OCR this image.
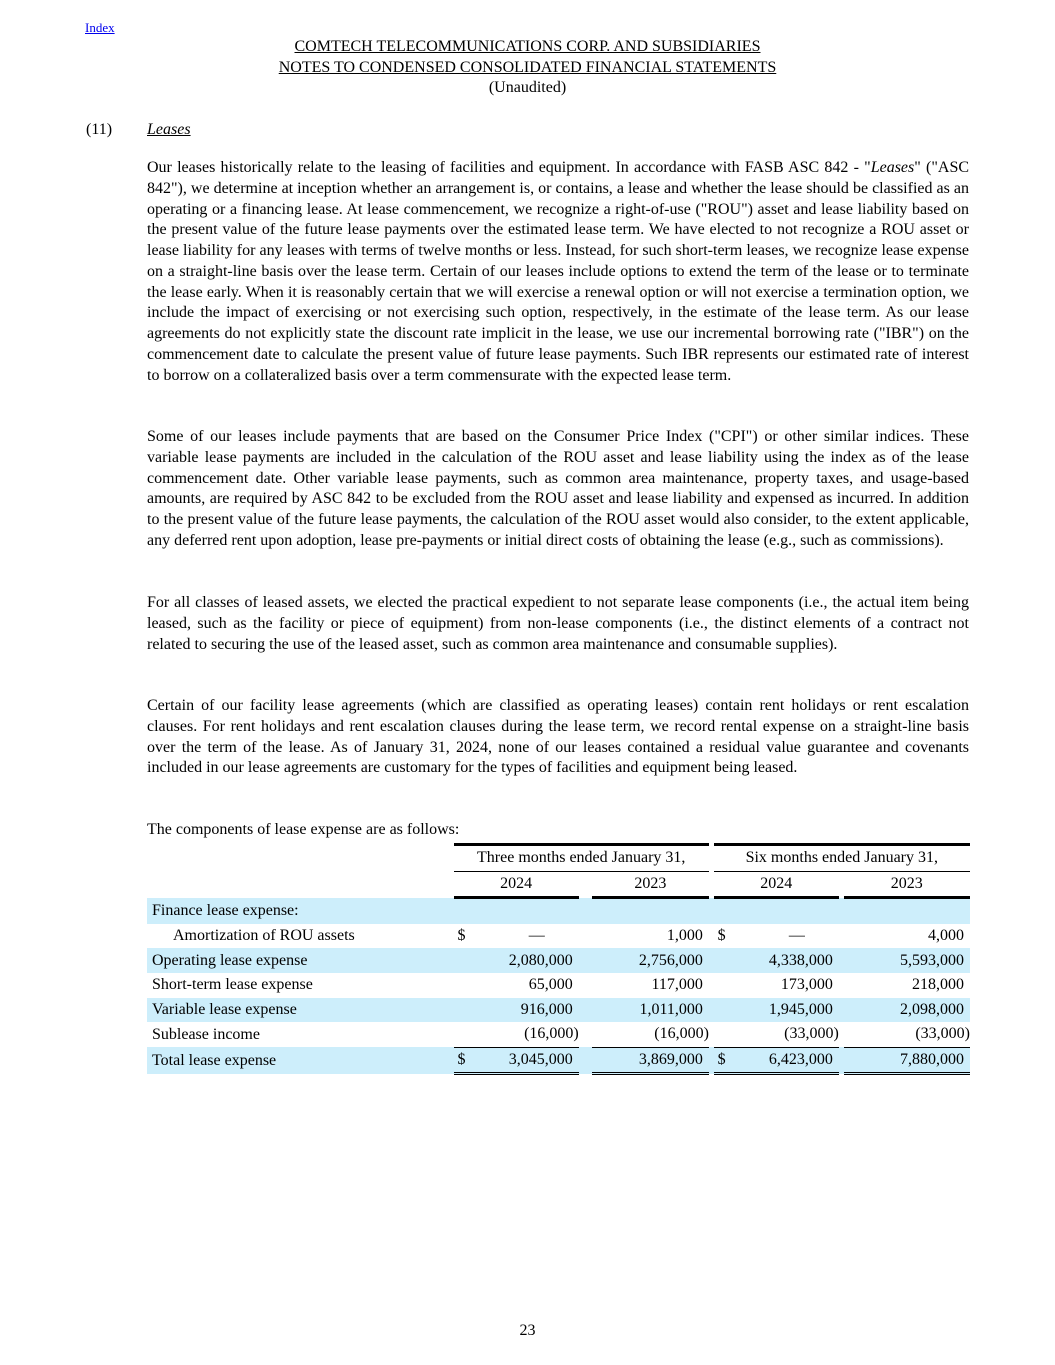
Index
COMTECH TELECOMMUNICATIONS CORP. AND SUBSIDIARIES
NOTES TO CONDENSED CONSOLIDATED FINANCIAL STATEMENTS
(Unaudited)
(11) Leases

Our leases historically relate to the leasing of facilities and equipment. In accordance with FASB ASC 842 - "Leases" ("ASC 842"), we determine at inception whether an arrangement is, or contains, a lease and whether the lease should be classified as an operating or a financing lease. At lease commencement, we recognize a right-of-use ("ROU") asset and lease liability based on the present value of the future lease payments over the estimated lease term. We have elected to not recognize a ROU asset or lease liability for any leases with terms of twelve months or less. Instead, for such short-term leases, we recognize lease expense on a straight-line basis over the lease term. Certain of our leases include options to extend the term of the lease or to terminate the lease early. When it is reasonably certain that we will exercise a renewal option or will not exercise a termination option, we include the impact of exercising or not exercising such option, respectively, in the estimate of the lease term. As our lease agreements do not explicitly state the discount rate implicit in the lease, we use our incremental borrowing rate ("IBR") on the commencement date to calculate the present value of future lease payments. Such IBR represents our estimated rate of interest to borrow on a collateralized basis over a term commensurate with the expected lease term.

Some of our leases include payments that are based on the Consumer Price Index ("CPI") or other similar indices. These variable lease payments are included in the calculation of the ROU asset and lease liability using the index as of the lease commencement date. Other variable lease payments, such as common area maintenance, property taxes, and usage-based amounts, are required by ASC 842 to be excluded from the ROU asset and lease liability and expensed as incurred. In addition to the present value of the future lease payments, the calculation of the ROU asset would also consider, to the extent applicable, any deferred rent upon adoption, lease pre-payments or initial direct costs of obtaining the lease (e.g., such as commissions).

For all classes of leased assets, we elected the practical expedient to not separate lease components (i.e., the actual item being leased, such as the facility or piece of equipment) from non-lease components (i.e., the distinct elements of a contract not related to securing the use of the leased asset, such as common area maintenance and consumable supplies).

Certain of our facility lease agreements (which are classified as operating leases) contain rent holidays or rent escalation clauses. For rent holidays and rent escalation clauses during the lease term, we record rental expense on a straight-line basis over the term of the lease. As of January 31, 2024, none of our leases contained a residual value guarantee and covenants included in our lease agreements are customary for the types of facilities and equipment being leased.

The components of lease expense are as follows:
		Three months ended January 31,					Six months ended January 31,			
		2024			2023		2024			2023
Finance lease expense:										
Amortization of ROU assets		$	—		1,000		$	—		4,000
Operating lease expense			2,080,000		2,756,000			4,338,000		5,593,000
Short-term lease expense			65,000		117,000			173,000		218,000
Variable lease expense			916,000		1,011,000			1,945,000		2,098,000
Sublease income			(16,000)		(16,000)			(33,000)		(33,000)
Total lease expense		$	3,045,000		3,869,000		$	6,423,000		7,880,000
23
